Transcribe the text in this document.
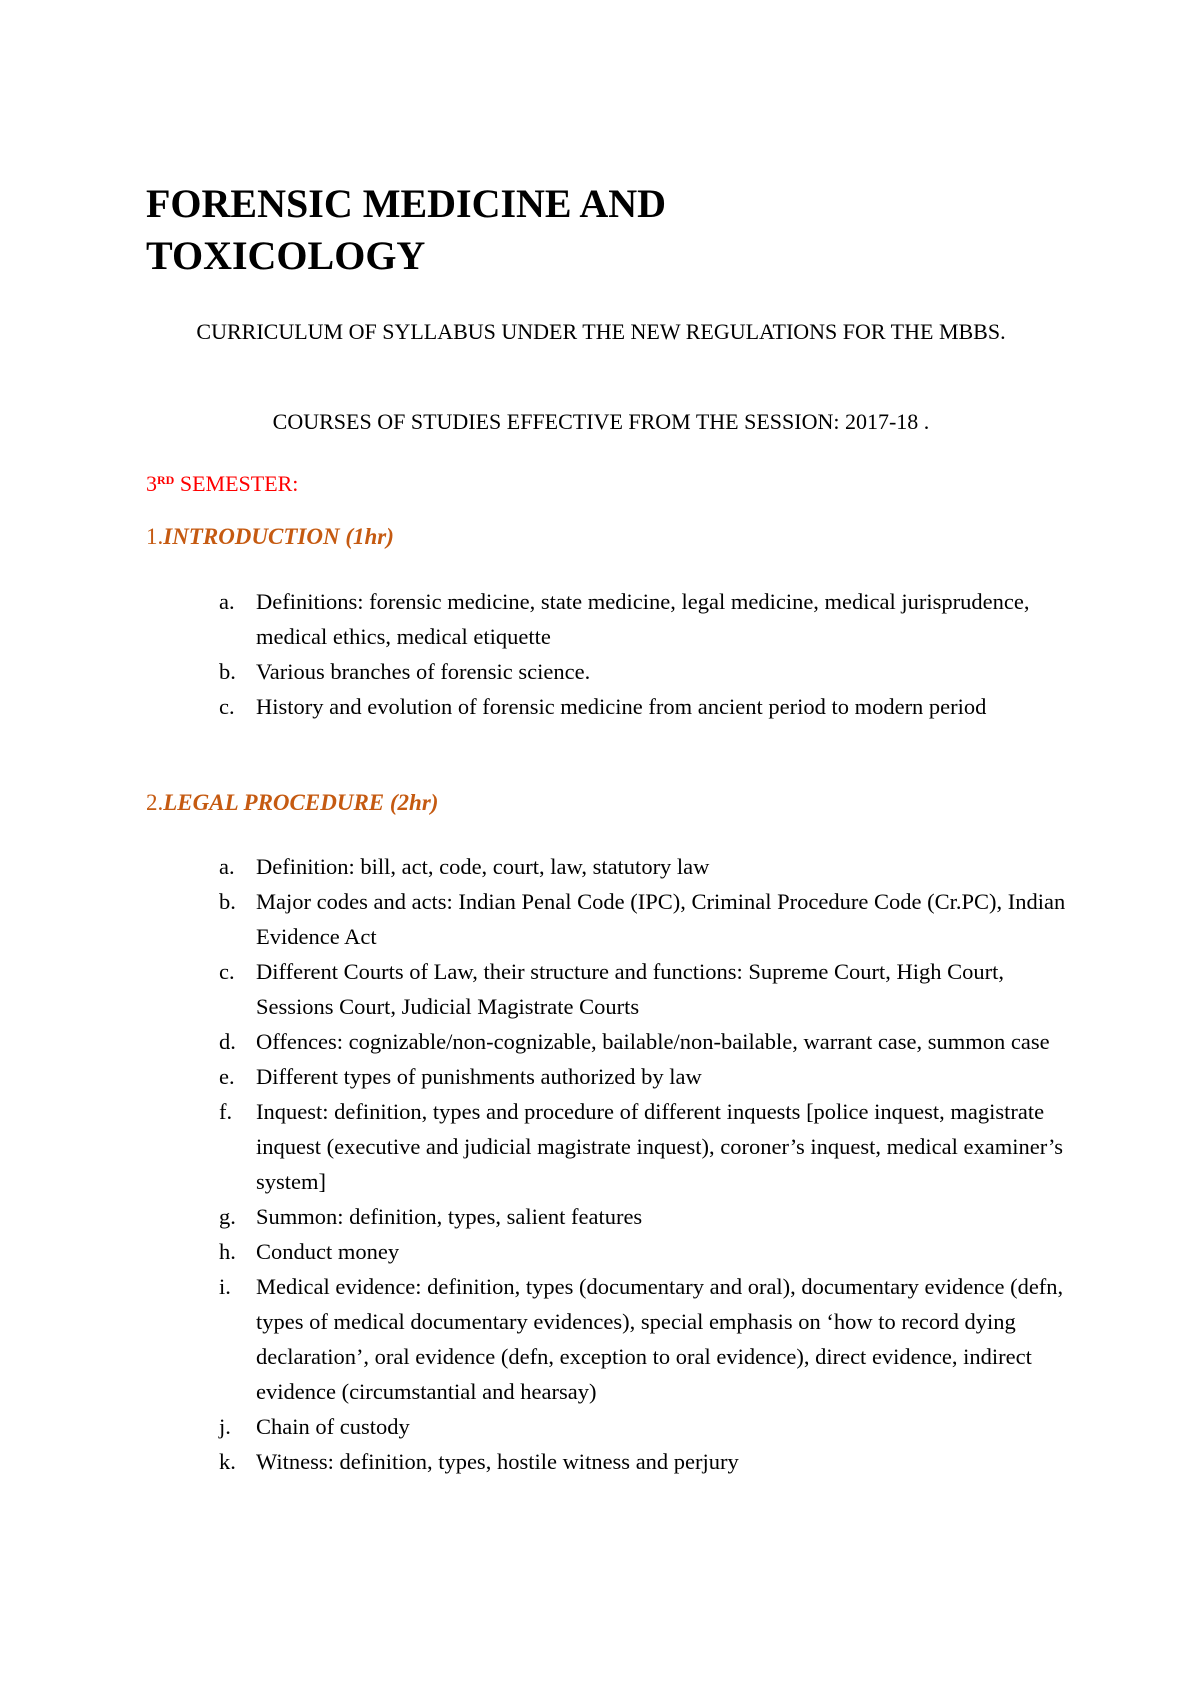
FORENSIC MEDICINE AND TOXICOLOGY
CURRICULUM OF SYLLABUS UNDER THE NEW REGULATIONS FOR THE MBBS.
COURSES OF STUDIES EFFECTIVE FROM THE SESSION: 2017-18 .
3RD SEMESTER:
1.INTRODUCTION (1hr)
a. Definitions: forensic medicine, state medicine, legal medicine, medical jurisprudence, medical ethics, medical etiquette
b. Various branches of forensic science.
c. History and evolution of forensic medicine from ancient period to modern period
2.LEGAL PROCEDURE (2hr)
a. Definition: bill, act, code, court, law, statutory law
b. Major codes and acts: Indian Penal Code (IPC), Criminal Procedure Code (Cr.PC), Indian Evidence Act
c. Different Courts of Law, their structure and functions: Supreme Court, High Court, Sessions Court, Judicial Magistrate Courts
d. Offences: cognizable/non-cognizable, bailable/non-bailable, warrant case, summon case
e. Different types of punishments authorized by law
f. Inquest: definition, types and procedure of different inquests [police inquest, magistrate inquest (executive and judicial magistrate inquest), coroner’s inquest, medical examiner’s system]
g. Summon: definition, types, salient features
h. Conduct money
i. Medical evidence: definition, types (documentary and oral), documentary evidence (defn, types of medical documentary evidences), special emphasis on ‘how to record dying declaration’, oral evidence (defn, exception to oral evidence), direct evidence, indirect evidence (circumstantial and hearsay)
j. Chain of custody
k. Witness: definition, types, hostile witness and perjury
